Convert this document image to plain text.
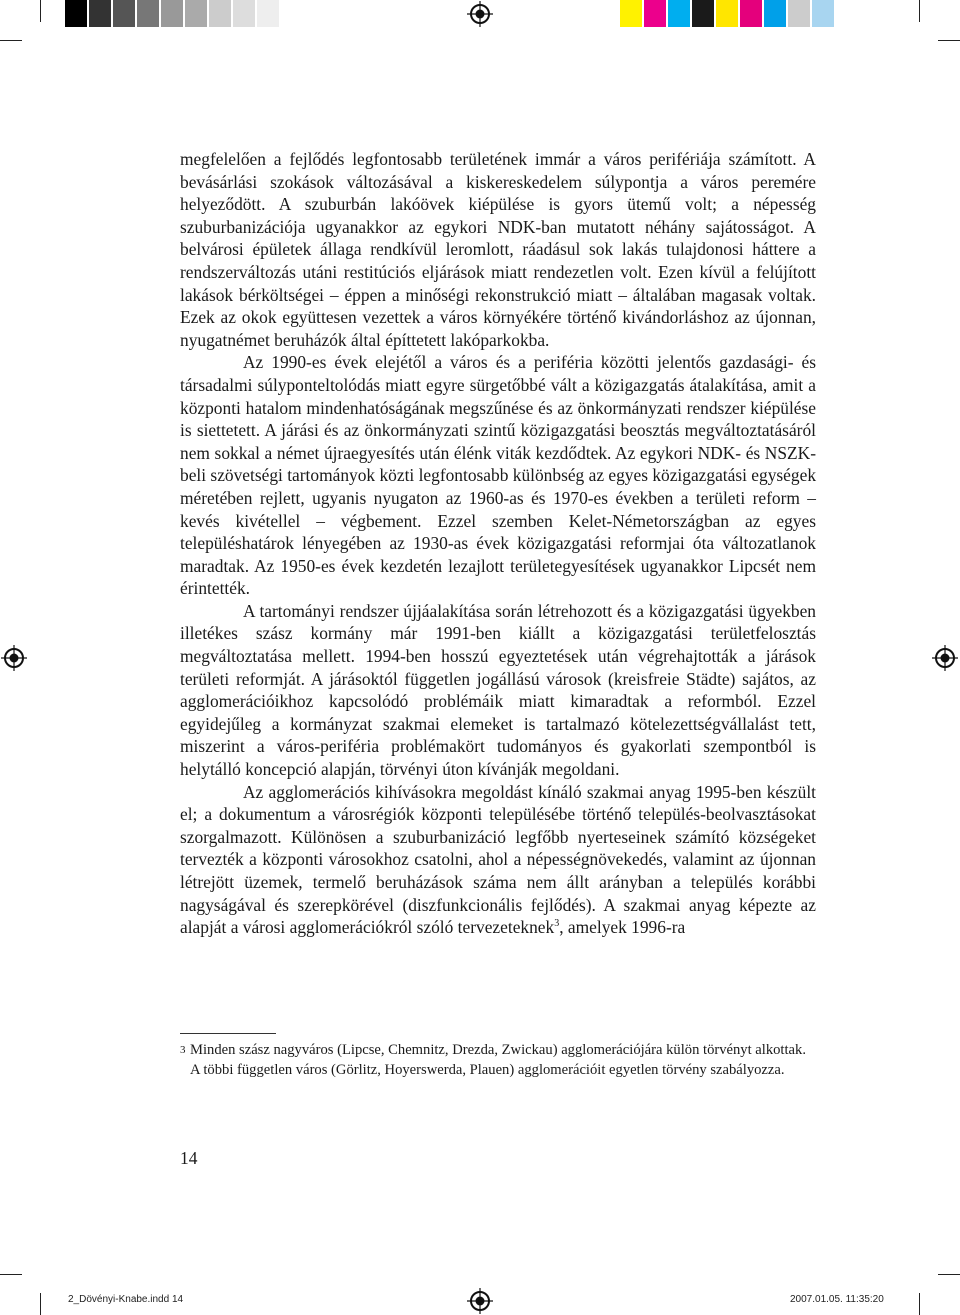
megfelelően a fejlődés legfontosabb területének immár a város perifériája számított. A bevásárlási szokások változásával a kiskereskedelem súlypontja a város peremére helyeződött. A szuburbán lakóövek kiépülése is gyors ütemű volt; a népesség szuburbanizációja ugyanakkor az egykori NDK-ban mutatott néhány sajátosságot. A belvárosi épületek állaga rendkívül leromlott, ráadásul sok lakás tulajdonosi háttere a rendszerváltozás utáni restitúciós eljárások miatt rendezetlen volt. Ezen kívül a felújított lakások bérköltségei – éppen a minőségi rekonstrukció miatt – általában magasak voltak. Ezek az okok együttesen vezettek a város környékére történő kivándorláshoz az újonnan, nyugatnémet beruházók által építtetett lakóparkokba.

Az 1990-es évek elejétől a város és a periféria közötti jelentős gazdasági- és társadalmi súlyponteltolódás miatt egyre sürgetőbbé vált a közigazgatás átalakítása, amit a központi hatalom mindenhatóságának megszűnése és az önkormányzati rendszer kiépülése is siettetett. A járási és az önkormányzati szintű közigazgatási beosztás megváltoztatásáról nem sokkal a német újraegyesítés után élénk viták kezdődtek. Az egykori NDK- és NSZK-beli szövetségi tartományok közti legfontosabb különbség az egyes közigazgatási egységek méretében rejlett, ugyanis nyugaton az 1960-as és 1970-es években a területi reform – kevés kivétellel – végbement. Ezzel szemben Kelet-Németországban az egyes településhatárok lényegében az 1930-as évek közigazgatási reformjai óta változatlanok maradtak. Az 1950-es évek kezdetén lezajlott területegyesítések ugyanakkor Lipcsét nem érintették.

A tartományi rendszer újjáalakítása során létrehozott és a közigazgatási ügyekben illetékes szász kormány már 1991-ben kiállt a közigazgatási területfelosztás megváltoztatása mellett. 1994-ben hosszú egyeztetések után végrehajtották a járások területi reformját. A járásoktól független jogállású városok (kreisfreie Städte) sajátos, az agglomerációikhoz kapcsolódó problémáik miatt kimaradtak a reformból. Ezzel egyidejűleg a kormányzat szakmai elemeket is tartalmazó kötelezettségvállalást tett, miszerint a város-periféria problémakört tudományos és gyakorlati szempontból is helytálló koncepció alapján, törvényi úton kívánják megoldani.

Az agglomerációs kihívásokra megoldást kínáló szakmai anyag 1995-ben készült el; a dokumentum a városrégiók központi településébe történő település-beolvasztásokat szorgalmazott. Különösen a szuburbanizáció legfőbb nyerteseinek számító községeket tervezték a központi városokhoz csatolni, ahol a népességnövekedés, valamint az újonnan létrejött üzemek, termelő beruházások száma nem állt arányban a település korábbi nagyságával és szerepkörével (diszfunkcionális fejlődés). A szakmai anyag képezte az alapját a városi agglomerációkról szóló tervezeteknek$^3$, amelyek 1996-ra

3 Minden szász nagyváros (Lipcse, Chemnitz, Drezda, Zwickau) agglomerációjára külön törvényt alkottak. A többi független város (Görlitz, Hoyerswerda, Plauen) agglomerációit egyetlen törvény szabályozza.
14
2_Dövényi-Knabe.indd 14	2007.01.05. 11:35:20
